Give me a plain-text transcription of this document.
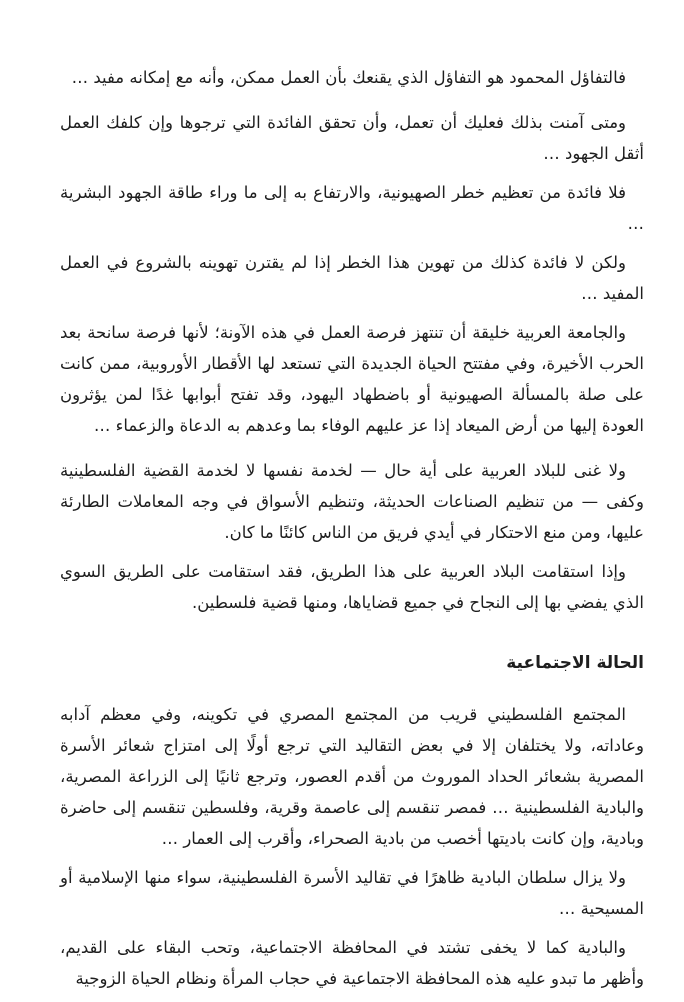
فالتفاؤل المحمود هو التفاؤل الذي يقنعك بأن العمل ممكن، وأنه مع إمكانه مفيد …

ومتى آمنت بذلك فعليك أن تعمل، وأن تحقق الفائدة التي ترجوها وإن كلفك العمل أثقل الجهود …

فلا فائدة من تعظيم خطر الصهيونية، والارتفاع به إلى ما وراء طاقة الجهود البشرية …

ولكن لا فائدة كذلك من تهوين هذا الخطر إذا لم يقترن تهوينه بالشروع في العمل المفيد …

والجامعة العربية خليقة أن تنتهز فرصة العمل في هذه الآونة؛ لأنها فرصة سانحة بعد الحرب الأخيرة، وفي مفتتح الحياة الجديدة التي تستعد لها الأقطار الأوروبية، ممن كانت على صلة بالمسألة الصهيونية أو باضطهاد اليهود، وقد تفتح أبوابها غدًا لمن يؤثرون العودة إليها من أرض الميعاد إذا عز عليهم الوفاء بما وعدهم به الدعاة والزعماء …

ولا غنى للبلاد العربية على أية حال — لخدمة نفسها لا لخدمة القضية الفلسطينية وكفى — من تنظيم الصناعات الحديثة، وتنظيم الأسواق في وجه المعاملات الطارئة عليها، ومن منع الاحتكار في أيدي فريق من الناس كائنًا ما كان.

وإذا استقامت البلاد العربية على هذا الطريق، فقد استقامت على الطريق السوي الذي يفضي بها إلى النجاح في جميع قضاياها، ومنها قضية فلسطين.

الحالة الاجتماعية

المجتمع الفلسطيني قريب من المجتمع المصري في تكوينه، وفي معظم آدابه وعاداته، ولا يختلفان إلا في بعض التقاليد التي ترجع أولًا إلى امتزاج شعائر الأسرة المصرية بشعائر الحداد الموروث من أقدم العصور، وترجع ثانيًا إلى الزراعة المصرية، والبادية الفلسطينية … فمصر تنقسم إلى عاصمة وقرية، وفلسطين تنقسم إلى حاضرة وبادية، وإن كانت باديتها أخصب من بادية الصحراء، وأقرب إلى العمار …

ولا يزال سلطان البادية ظاهرًا في تقاليد الأسرة الفلسطينية، سواء منها الإسلامية أو المسيحية …

والبادية كما لا يخفى تشتد في المحافظة الاجتماعية، وتحب البقاء على القديم، وأظهر ما تبدو عليه هذه المحافظة الاجتماعية في حجاب المرأة ونظام الحياة الزوجية
